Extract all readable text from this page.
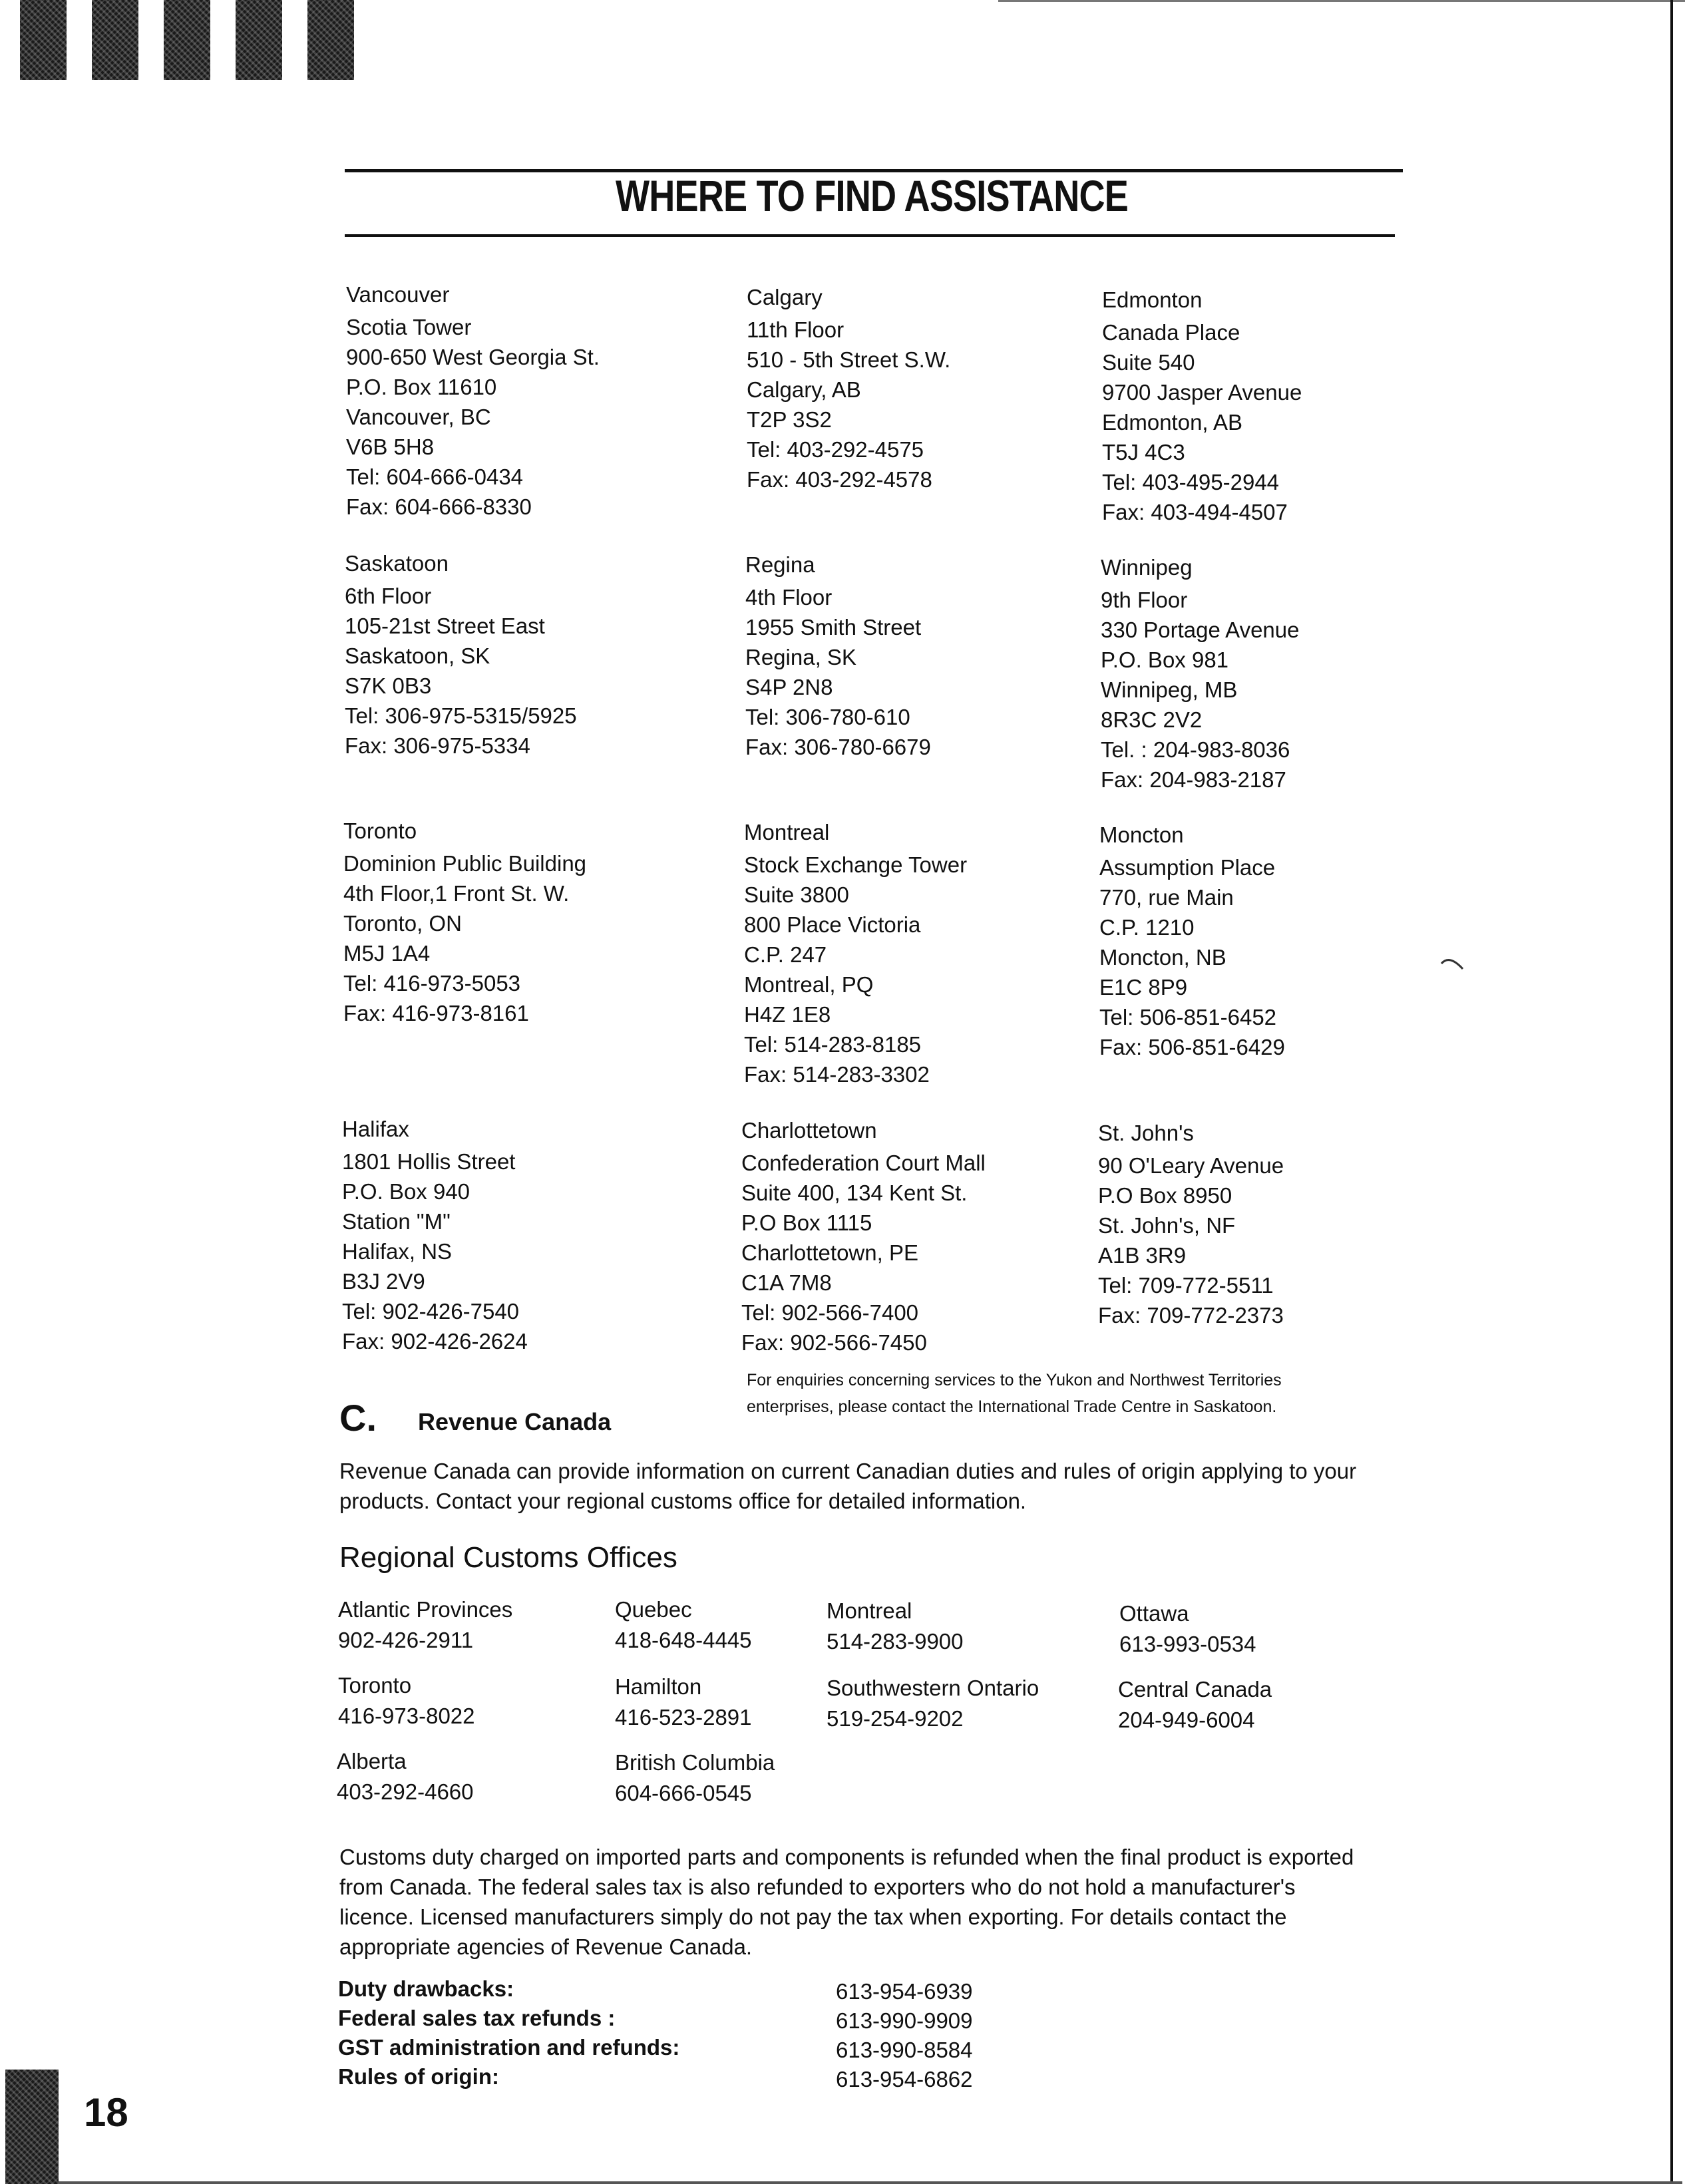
WHERE TO FIND ASSISTANCE
Vancouver
Scotia Tower
900-650 West Georgia St.
P.O. Box 11610
Vancouver, BC
V6B 5H8
Tel: 604-666-0434
Fax: 604-666-8330
Calgary
11th Floor
510 - 5th Street S.W.
Calgary, AB
T2P 3S2
Tel: 403-292-4575
Fax: 403-292-4578
Edmonton
Canada Place
Suite 540
9700 Jasper Avenue
Edmonton, AB
T5J 4C3
Tel: 403-495-2944
Fax: 403-494-4507
Saskatoon
6th Floor
105-21st Street East
Saskatoon, SK
S7K 0B3
Tel: 306-975-5315/5925
Fax: 306-975-5334
Regina
4th Floor
1955 Smith Street
Regina, SK
S4P 2N8
Tel: 306-780-610
Fax: 306-780-6679
Winnipeg
9th Floor
330 Portage Avenue
P.O. Box 981
Winnipeg, MB
8R3C 2V2
Tel. : 204-983-8036
Fax: 204-983-2187
Toronto
Dominion Public Building
4th Floor,1 Front St. W.
Toronto, ON
M5J 1A4
Tel: 416-973-5053
Fax: 416-973-8161
Montreal
Stock Exchange Tower
Suite 3800
800 Place Victoria
C.P. 247
Montreal, PQ
H4Z 1E8
Tel: 514-283-8185
Fax: 514-283-3302
Moncton
Assumption Place
770, rue Main
C.P. 1210
Moncton, NB
E1C 8P9
Tel: 506-851-6452
Fax: 506-851-6429
Halifax
1801 Hollis Street
P.O. Box 940
Station "M"
Halifax, NS
B3J 2V9
Tel: 902-426-7540
Fax: 902-426-2624
Charlottetown
Confederation Court Mall
Suite 400, 134 Kent St.
P.O Box 1115
Charlottetown, PE
C1A 7M8
Tel: 902-566-7400
Fax: 902-566-7450
St. John's
90 O'Leary Avenue
P.O Box 8950
St. John's, NF
A1B 3R9
Tel: 709-772-5511
Fax: 709-772-2373
For enquiries concerning services to the Yukon and Northwest Territories
enterprises, please contact the International Trade Centre in Saskatoon.
C. Revenue Canada
Revenue Canada can provide information on current Canadian duties and rules of origin applying to your
products. Contact your regional customs office for detailed information.
Regional Customs Offices
Atlantic Provinces
902-426-2911
Quebec
418-648-4445
Montreal
514-283-9900
Ottawa
613-993-0534
Toronto
416-973-8022
Hamilton
416-523-2891
Southwestern Ontario
519-254-9202
Central Canada
204-949-6004
Alberta
403-292-4660
British Columbia
604-666-0545
Customs duty charged on imported parts and components is refunded when the final product is exported
from Canada. The federal sales tax is also refunded to exporters who do not hold a manufacturer's
licence. Licensed manufacturers simply do not pay the tax when exporting. For details contact the
appropriate agencies of Revenue Canada.
Duty drawbacks:	613-954-6939
Federal sales tax refunds :	613-990-9909
GST administration and refunds:	613-990-8584
Rules of origin:	613-954-6862
18
